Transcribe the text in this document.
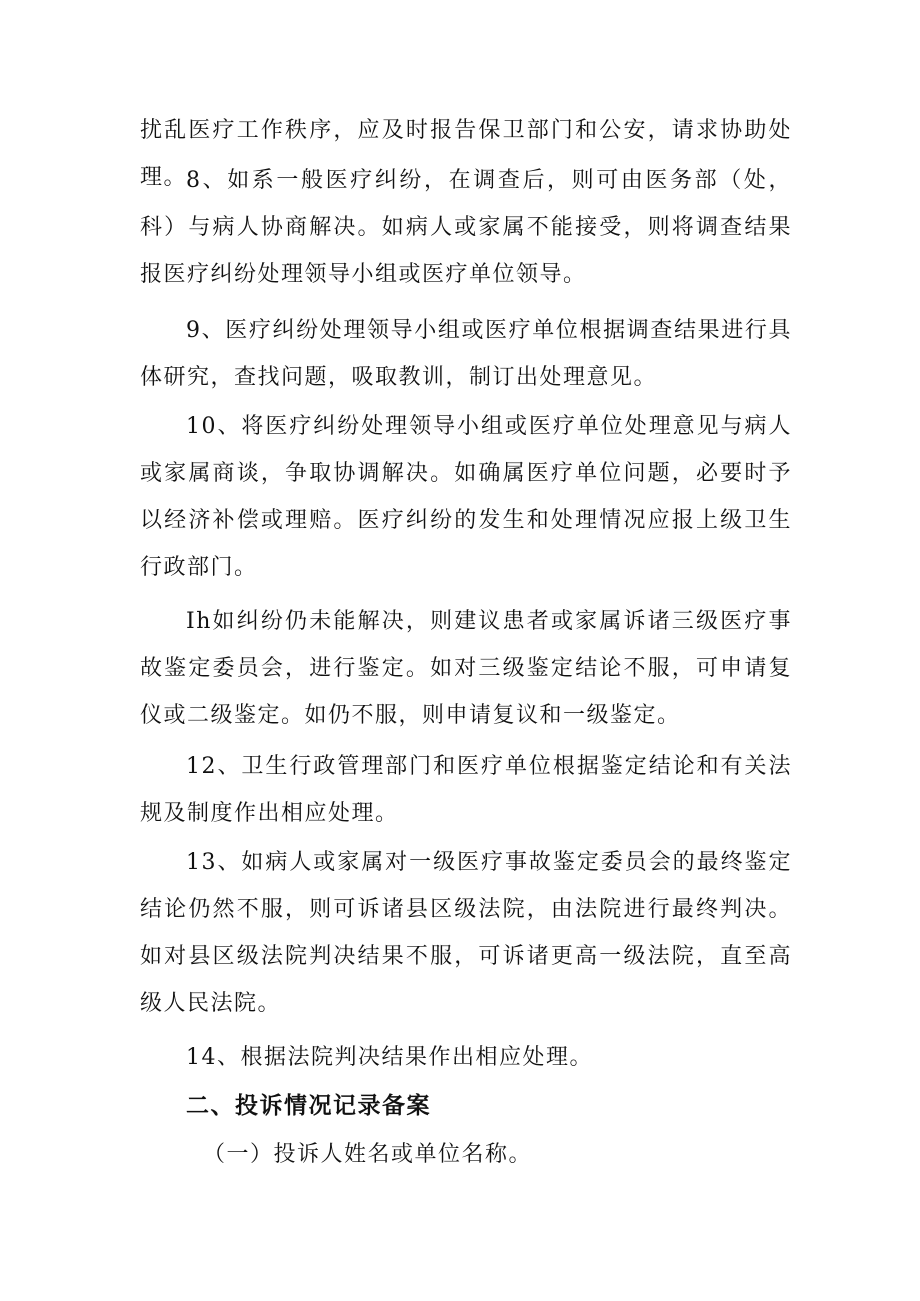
扰乱医疗工作秩序，应及时报告保卫部门和公安，请求协助处理。

8、如系一般医疗纠纷，在调查后，则可由医务部（处，科）与病人协商解决。如病人或家属不能接受，则将调查结果报医疗纠纷处理领导小组或医疗单位领导。

9、医疗纠纷处理领导小组或医疗单位根据调查结果进行具体研究，查找问题，吸取教训，制订出处理意见。

10、将医疗纠纷处理领导小组或医疗单位处理意见与病人或家属商谈，争取协调解决。如确属医疗单位问题，必要时予以经济补偿或理赔。医疗纠纷的发生和处理情况应报上级卫生行政部门。

Ih如纠纷仍未能解决，则建议患者或家属诉诸三级医疗事故鉴定委员会，进行鉴定。如对三级鉴定结论不服，可申请复仪或二级鉴定。如仍不服，则申请复议和一级鉴定。

12、卫生行政管理部门和医疗单位根据鉴定结论和有关法规及制度作出相应处理。

13、如病人或家属对一级医疗事故鉴定委员会的最终鉴定结论仍然不服，则可诉诸县区级法院，由法院进行最终判决。如对县区级法院判决结果不服，可诉诸更高一级法院，直至高级人民法院。

14、根据法院判决结果作出相应处理。

二、投诉情况记录备案
（一）投诉人姓名或单位名称。
